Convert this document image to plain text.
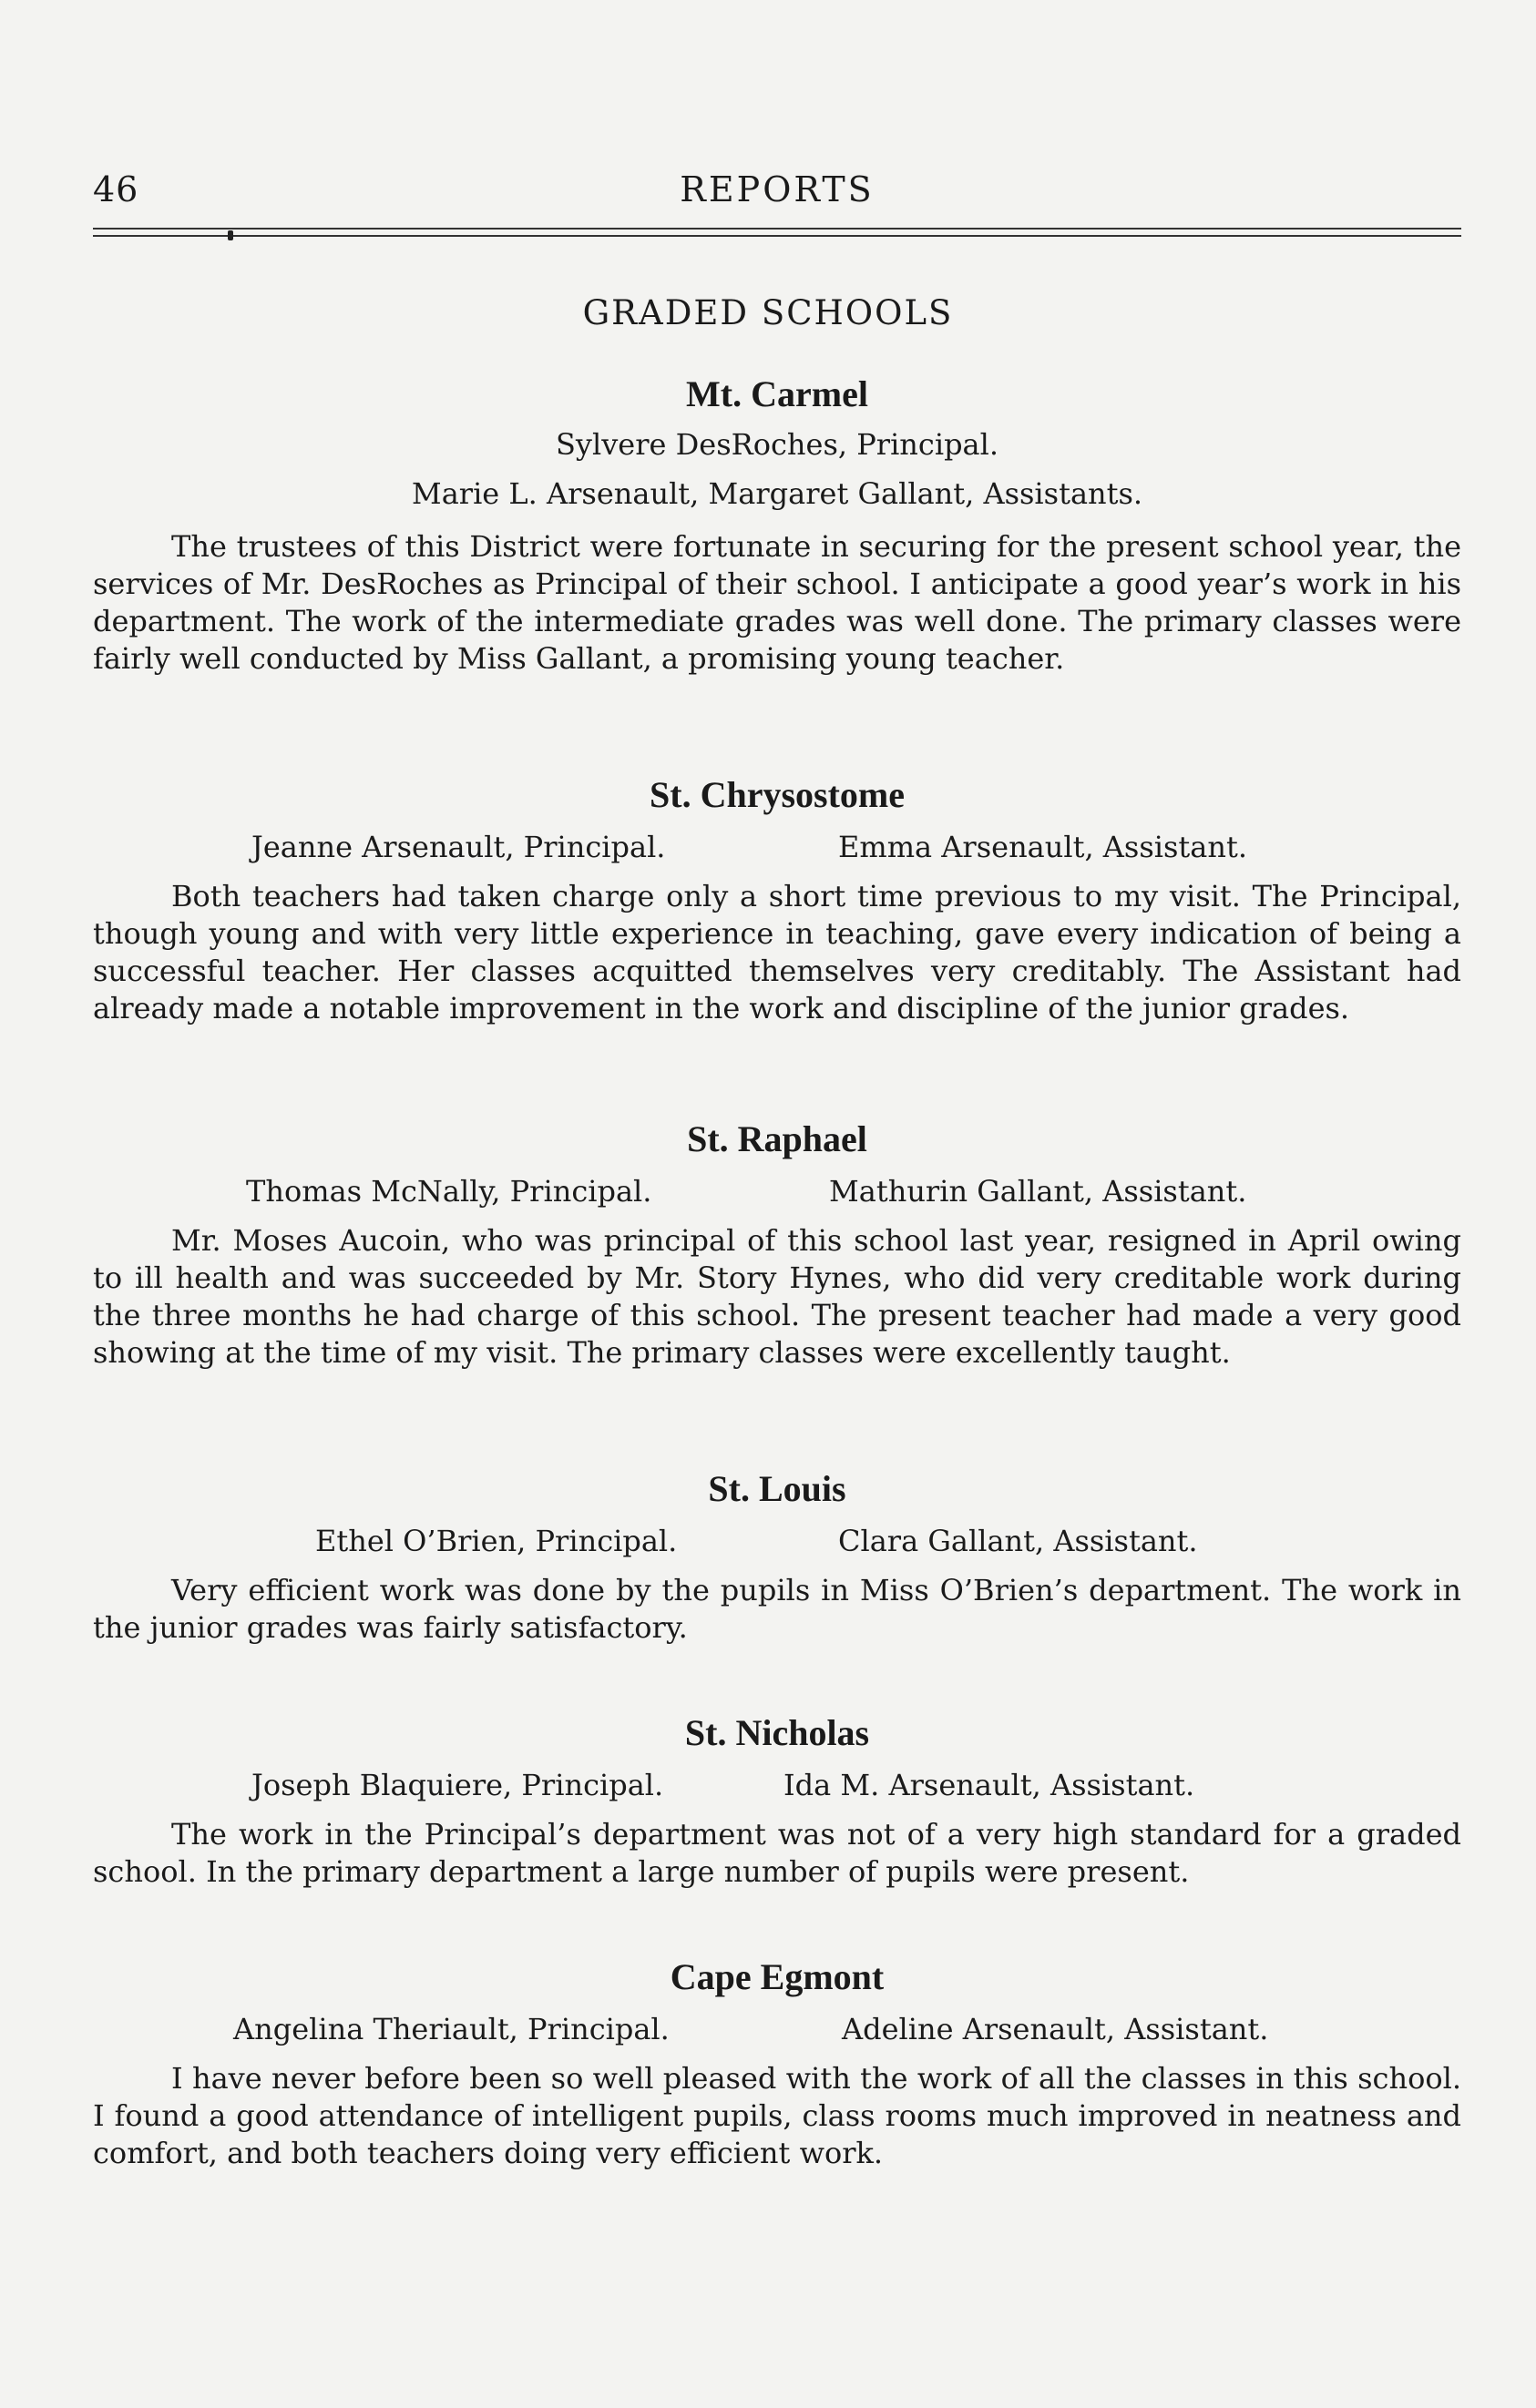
46	REPORTS
GRADED SCHOOLS
Mt. Carmel
Sylvere DesRoches, Principal.
Marie L. Arsenault, Margaret Gallant, Assistants.

The trustees of this District were fortunate in securing for the present school year, the services of Mr. DesRoches as Principal of their school. I anticipate a good year’s work in his department. The work of the intermediate grades was well done. The primary classes were fairly well conducted by Miss Gallant, a promising young teacher.

St. Chrysostome
Jeanne Arsenault, Principal.	Emma Arsenault, Assistant.

Both teachers had taken charge only a short time previous to my visit. The Principal, though young and with very little experience in teaching, gave every indication of being a successful teacher. Her classes acquitted themselves very creditably. The Assistant had already made a notable improvement in the work and discipline of the junior grades.

St. Raphael
Thomas McNally, Principal.	Mathurin Gallant, Assistant.

Mr. Moses Aucoin, who was principal of this school last year, resigned in April owing to ill health and was succeeded by Mr. Story Hynes, who did very creditable work during the three months he had charge of this school. The present teacher had made a very good showing at the time of my visit. The primary classes were excellently taught.

St. Louis
Ethel O’Brien, Principal.	Clara Gallant, Assistant.

Very efficient work was done by the pupils in Miss O’Brien’s department. The work in the junior grades was fairly satisfactory.

St. Nicholas
Joseph Blaquiere, Principal.	Ida M. Arsenault, Assistant.

The work in the Principal’s department was not of a very high standard for a graded school. In the primary department a large number of pupils were present.

Cape Egmont
Angelina Theriault, Principal.	Adeline Arsenault, Assistant.

I have never before been so well pleased with the work of all the classes in this school. I found a good attendance of intelligent pupils, class rooms much improved in neatness and comfort, and both teachers doing very efficient work.
